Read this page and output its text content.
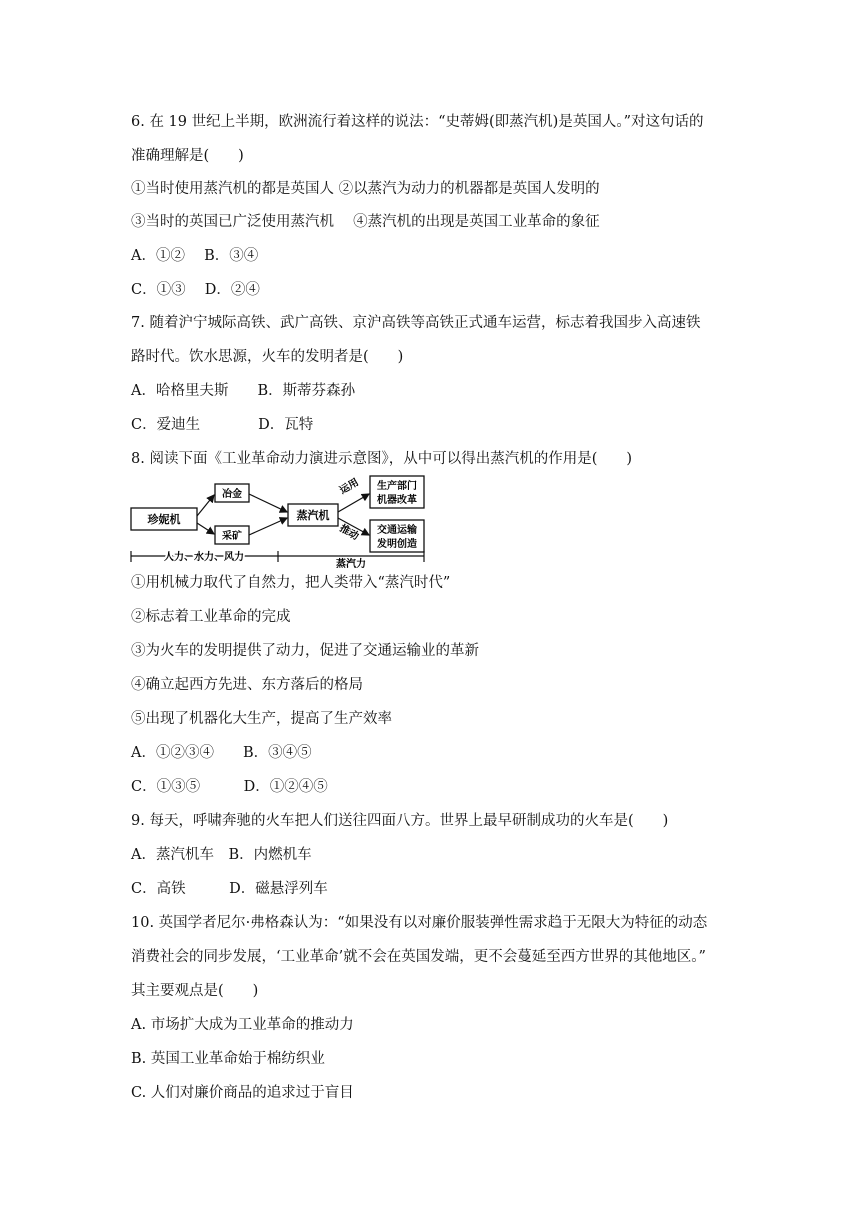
6. 在 19 世纪上半期，欧洲流行着这样的说法：“史蒂姆(即蒸汽机)是英国人。”对这句话的
准确理解是(　　)
①当时使用蒸汽机的都是英国人 ②以蒸汽为动力的机器都是英国人发明的
③当时的英国已广泛使用蒸汽机　 ④蒸汽机的出现是英国工业革命的象征
A．①②　 B．③④
C．①③　 D．②④
7. 随着沪宁城际高铁、武广高铁、京沪高铁等高铁正式通车运营，标志着我国步入高速铁
路时代。饮水思源，火车的发明者是(　　)
A．哈格里夫斯　　B．斯蒂芬森孙
C．爱迪生　　　　D．瓦特
8. 阅读下面《工业革命动力演进示意图》，从中可以得出蒸汽机的作用是(　　)
珍妮机
冶金
采矿
蒸汽机
运用
推动
生产部门
机器改革
交通运输
发明创造
人力、水力、风力
蒸汽力
①用机械力取代了自然力，把人类带入“蒸汽时代”
②标志着工业革命的完成
③为火车的发明提供了动力，促进了交通运输业的革新
④确立起西方先进、东方落后的格局
⑤出现了机器化大生产，提高了生产效率
A．①②③④　　B．③④⑤
C．①③⑤　　　D．①②④⑤
9. 每天，呼啸奔驰的火车把人们送往四面八方。世界上最早研制成功的火车是(　　)
A．蒸汽机车　B．内燃机车
C．高铁　　　D．磁悬浮列车
10. 英国学者尼尔·弗格森认为：“如果没有以对廉价服装弹性需求趋于无限大为特征的动态
消费社会的同步发展，‘工业革命’就不会在英国发端，更不会蔓延至西方世界的其他地区。”
其主要观点是(　　)
A. 市场扩大成为工业革命的推动力
B. 英国工业革命始于棉纺织业
C. 人们对廉价商品的追求过于盲目
